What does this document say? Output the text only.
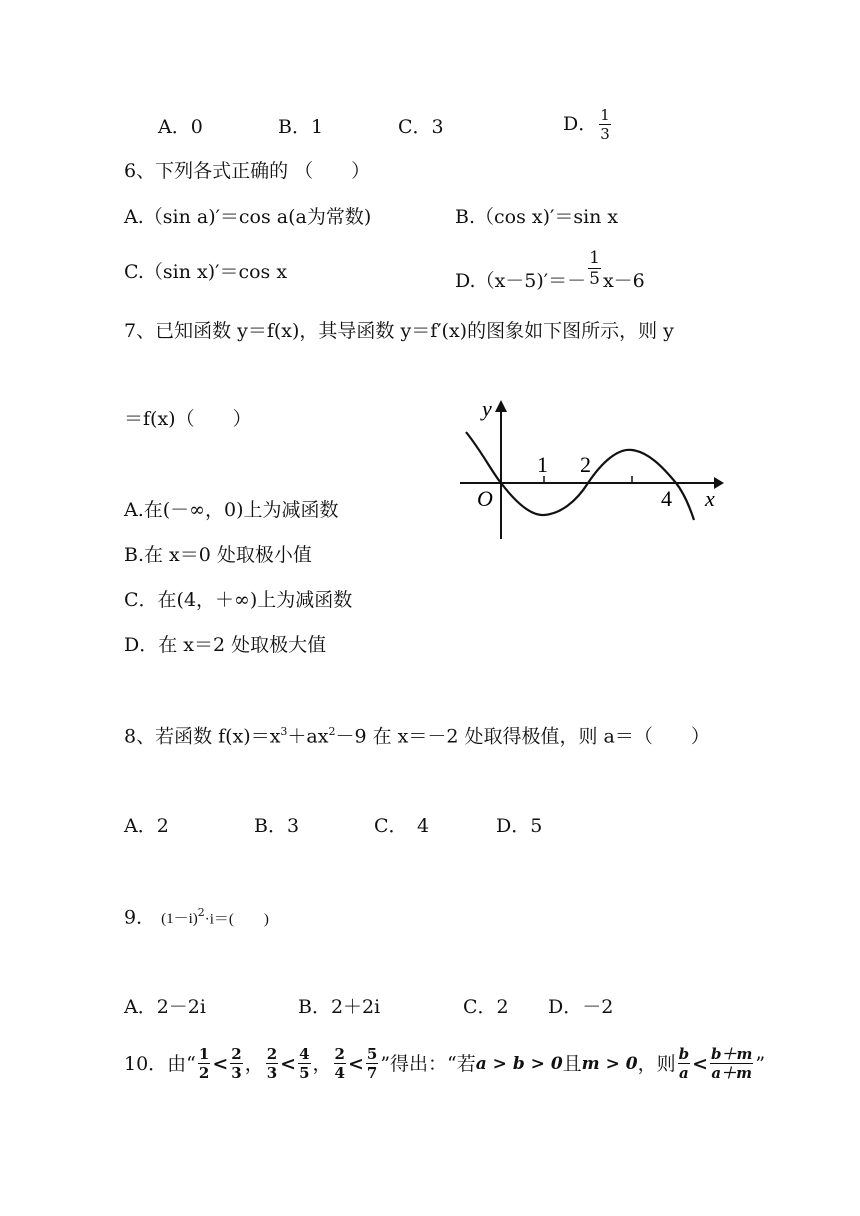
A．0	B．1	C．3	D． $\frac{1}{3}$
6、下列各式正确的 （　　）
A.（sin a)′＝cos a(a为常数)	B.（cos x)′＝sin x
C.（sin x)′＝cos x	$D.(x-5)'=- \frac{1}{5} x-6$
7、已知函数 y＝f(x)，其导函数 y＝f′(x)的图象如下图所示，则 y
＝f(x)（　　）	y
x
O
1 2
4
A.在(－∞，0)上为减函数
B.在 x＝0 处取极小值
C．在(4，＋∞)上为减函数
D．在 x＝2 处取极大值
8、若函数 $f(x)=x^3+ax^2-9$ 在 x＝－2 处取得极值，则 a＝（　　）
A．2	B．3	C．　4	D．5
9． $(1-i)^2\cdot i=$(　　)
A．2－2i	B．2＋2i	C．2 D．－2
10．由“ $\frac{1}{2} < \frac{2}{3}$ ， $\frac{2}{3} < \frac{4}{5}$ ， $\frac{2}{4} < \frac{5}{7}$ ”得出：“若 a > b > 0 且 m > 0 ，则 $\frac{b}{a} < \frac{b+m}{a+m}$ ”
